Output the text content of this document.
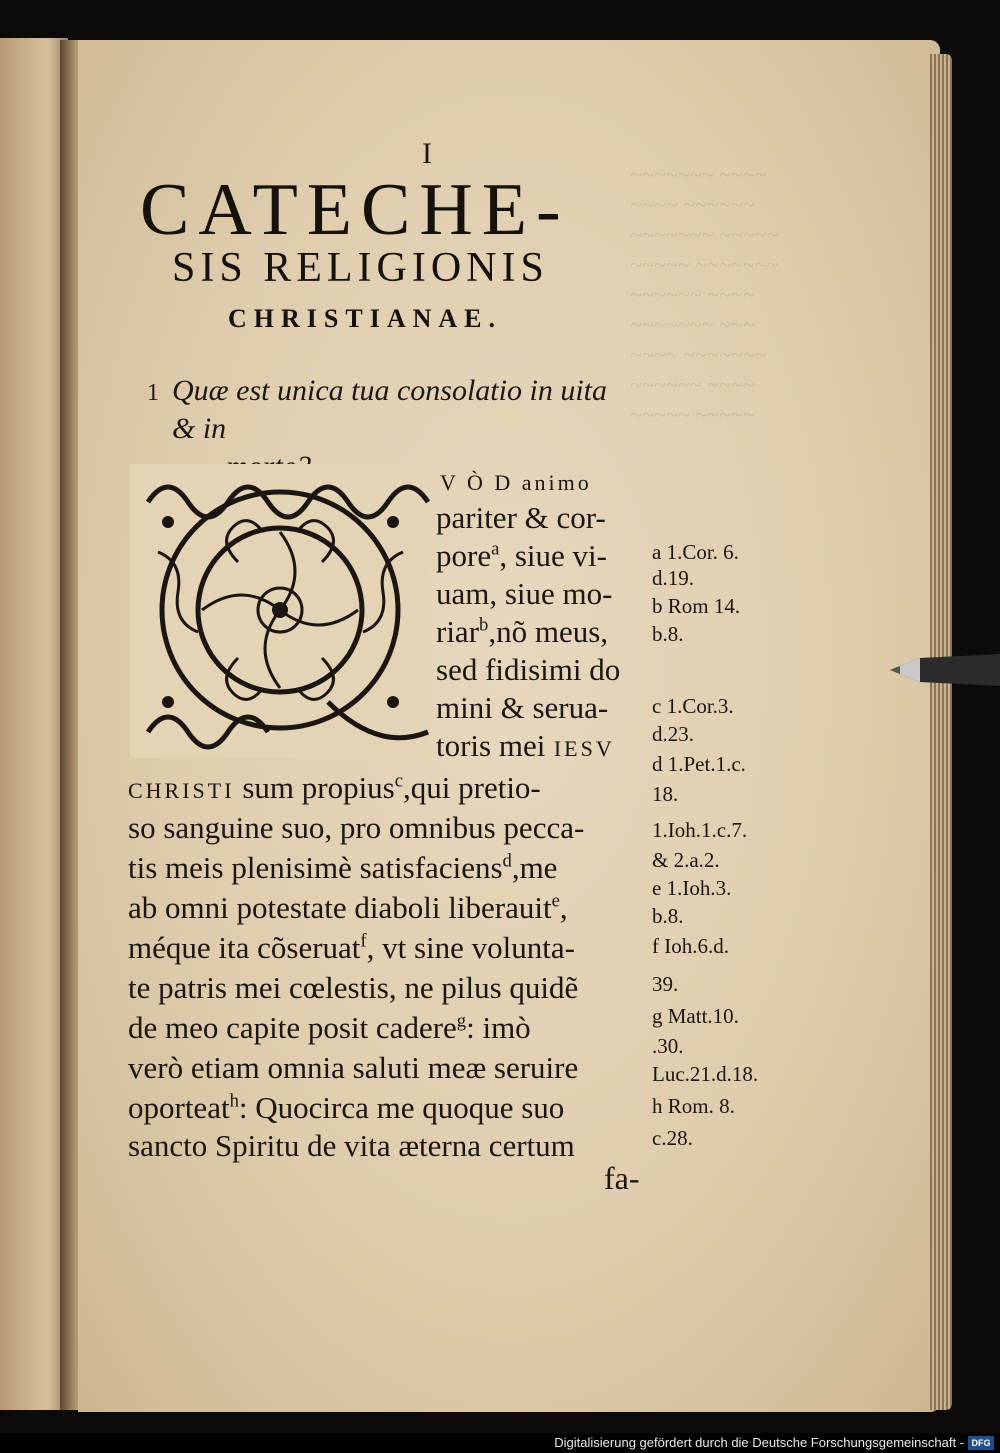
~~~~~~~ ~~~~
~~~~ ~~~~~~
~~~~~~~ ~~~~~
~~~~~ ~~~~~~~
~~~~~~ ~~~~
~~~~~~~ ~~~
~~~~ ~~~~~~~
~~~~~~ ~~~~
~~~~~ ~~~~~
I
CATECHE-
SIS RELIGIONIS
CHRISTIANAE.
1 Quæ est unica tua consolatio in uita & in
V Ò D animo
pariter & cor-
pore$^a$, siue vi-
uam, siue mo-
riar$^b$,nõ meus,
sed fidisimi do
mini & serua-
toris mei IESV
CHRISTI sum propius$^c$,qui pretio-
so sanguine suo, pro omnibus pecca-
tis meis plenisimè satisfaciens$^d$,me
ab omni potestate diaboli liberauit$^e$,
méque ita cõseruat$^f$, vt sine volunta-
te patris mei cœlestis, ne pilus quidẽ
de meo capite posit cadere$^g$: imò
verò etiam omnia saluti meæ seruire
oporteat$^h$: Quocirca me quoque suo
sancto Spiritu de vita æterna certum
fa-
a 1.Cor. 6.
d.19.
b Rom 14.
b.8.
c 1.Cor.3.
d.23.
d 1.Pet.1.c.
18.
1.Ioh.1.c.7.
& 2.a.2.
e 1.Ioh.3.
b.8.
f Ioh.6.d.
39.
g Matt.10.
.30.
Luc.21.d.18.
h Rom. 8.
c.28.
Digitalisierung gefördert durch die Deutsche Forschungsgemeinschaft - DFG
